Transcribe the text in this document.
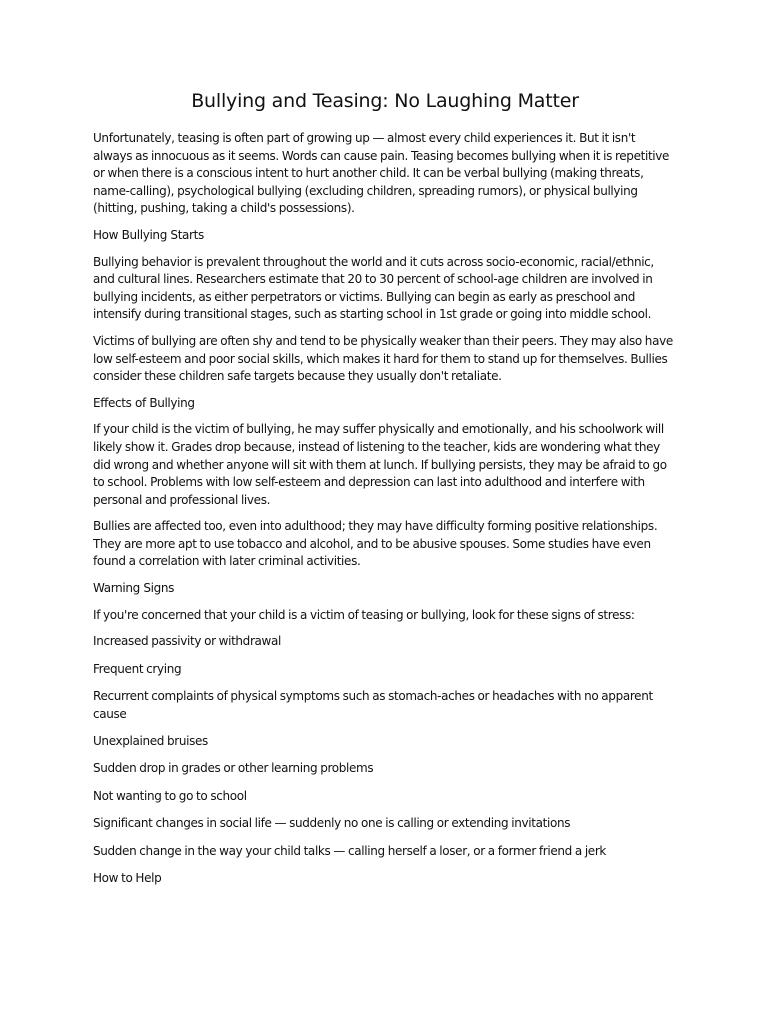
Bullying and Teasing: No Laughing Matter

Unfortunately, teasing is often part of growing up — almost every child experiences it. But it isn't always as innocuous as it seems. Words can cause pain. Teasing becomes bullying when it is repetitive or when there is a conscious intent to hurt another child. It can be verbal bullying (making threats, name-calling), psychological bullying (excluding children, spreading rumors), or physical bullying (hitting, pushing, taking a child's possessions).

How Bullying Starts

Bullying behavior is prevalent throughout the world and it cuts across socio-economic, racial/ethnic, and cultural lines. Researchers estimate that 20 to 30 percent of school-age children are involved in bullying incidents, as either perpetrators or victims. Bullying can begin as early as preschool and intensify during transitional stages, such as starting school in 1st grade or going into middle school.

Victims of bullying are often shy and tend to be physically weaker than their peers. They may also have low self-esteem and poor social skills, which makes it hard for them to stand up for themselves. Bullies consider these children safe targets because they usually don't retaliate.

Effects of Bullying

If your child is the victim of bullying, he may suffer physically and emotionally, and his schoolwork will likely show it. Grades drop because, instead of listening to the teacher, kids are wondering what they did wrong and whether anyone will sit with them at lunch. If bullying persists, they may be afraid to go to school. Problems with low self-esteem and depression can last into adulthood and interfere with personal and professional lives.

Bullies are affected too, even into adulthood; they may have difficulty forming positive relationships. They are more apt to use tobacco and alcohol, and to be abusive spouses. Some studies have even found a correlation with later criminal activities.

Warning Signs

If you're concerned that your child is a victim of teasing or bullying, look for these signs of stress:

Increased passivity or withdrawal

Frequent crying

Recurrent complaints of physical symptoms such as stomach-aches or headaches with no apparent cause

Unexplained bruises

Sudden drop in grades or other learning problems

Not wanting to go to school

Significant changes in social life — suddenly no one is calling or extending invitations

Sudden change in the way your child talks — calling herself a loser, or a former friend a jerk

How to Help
